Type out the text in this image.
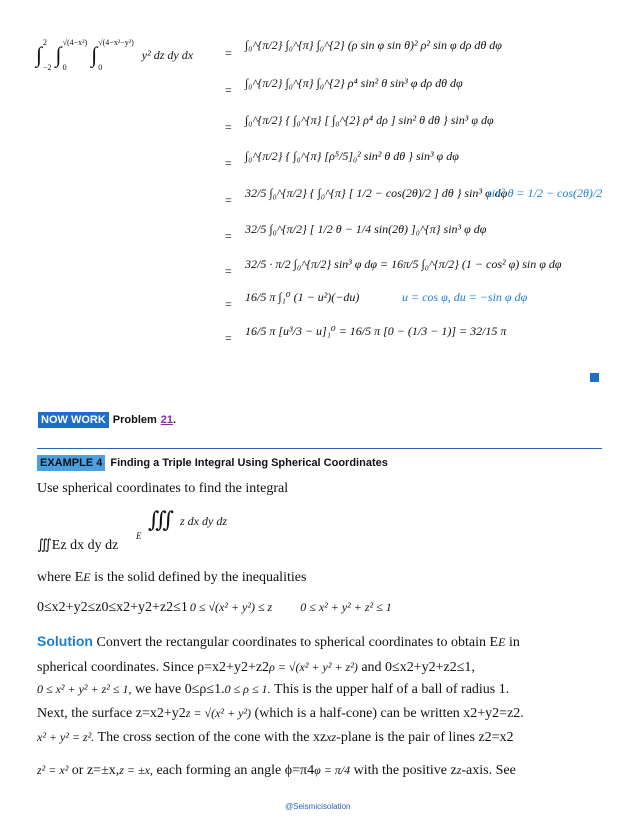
∫ 2
−2
∫ √(4−x²)
0
∫ √(4−x²−y²)
0
y² dz dy dx	=
∫₀^{π/2} ∫₀^{π} ∫₀^{2} (ρ sin φ sin θ)² ρ² sin φ dρ dθ dφ
= ∫₀^{π/2} ∫₀^{π} ∫₀^{2} ρ⁴ sin² θ sin³ φ dρ dθ dφ
= ∫₀^{π/2} { ∫₀^{π} [ ∫₀^{2} ρ⁴ dρ ] sin² θ dθ } sin³ φ dφ
= ∫₀^{π/2} { ∫₀^{π} [ρ⁵/5]₀² sin² θ dθ } sin³ φ dφ
= 32/5 ∫₀^{π/2} { ∫₀^{π} [ 1/2 − cos(2θ)/2 ] dθ } sin³ φ dφ
sin² θ = 1/2 − cos(2θ)/2
= 32/5 ∫₀^{π/2} [ 1/2 θ − 1/4 sin(2θ) ]₀^{π} sin³ φ dφ
= 32/5 · π/2 ∫₀^{π/2} sin³ φ dφ = 16π/5 ∫₀^{π/2} (1 − cos² φ) sin φ dφ
= 16/5 π ∫₁⁰ (1 − u²)(−du)	u = cos φ, du = −sin φ dφ
= 16/5 π [u³/3 − u]₁⁰ = 16/5 π [0 − (1/3 − 1)] = 32/15 π
NOW WORK Problem 21.
EXAMPLE 4 Finding a Triple Integral Using Spherical Coordinates
Use spherical coordinates to find the integral
∭
E
z dx dy dz
∭Ez dx dy dz
where EE is the solid defined by the inequalities
0≤x2+y2≤z0≤x2+y2+z2≤1 0 ≤ √(x² + y²) ≤ z 0 ≤ x² + y² + z² ≤ 1
Solution Convert the rectangular coordinates to spherical coordinates to obtain EE in
spherical coordinates. Since ρ=x2+y2+z2ρ = √(x² + y² + z²) and 0≤x2+y2+z2≤1,
0 ≤ x² + y² + z² ≤ 1, we have 0≤ρ≤1.0 ≤ ρ ≤ 1. This is the upper half of a ball of radius 1.
Next, the surface z=x2+y2z = √(x² + y²) (which is a half-cone) can be written x2+y2=z2.
x² + y² = z². The cross section of the cone with the xzxz-plane is the pair of lines z2=x2
z² = x² or z=±x,z = ±x, each forming an angle ϕ=π4φ = π/4 with the positive zz-axis. See
@Seismicisolation
